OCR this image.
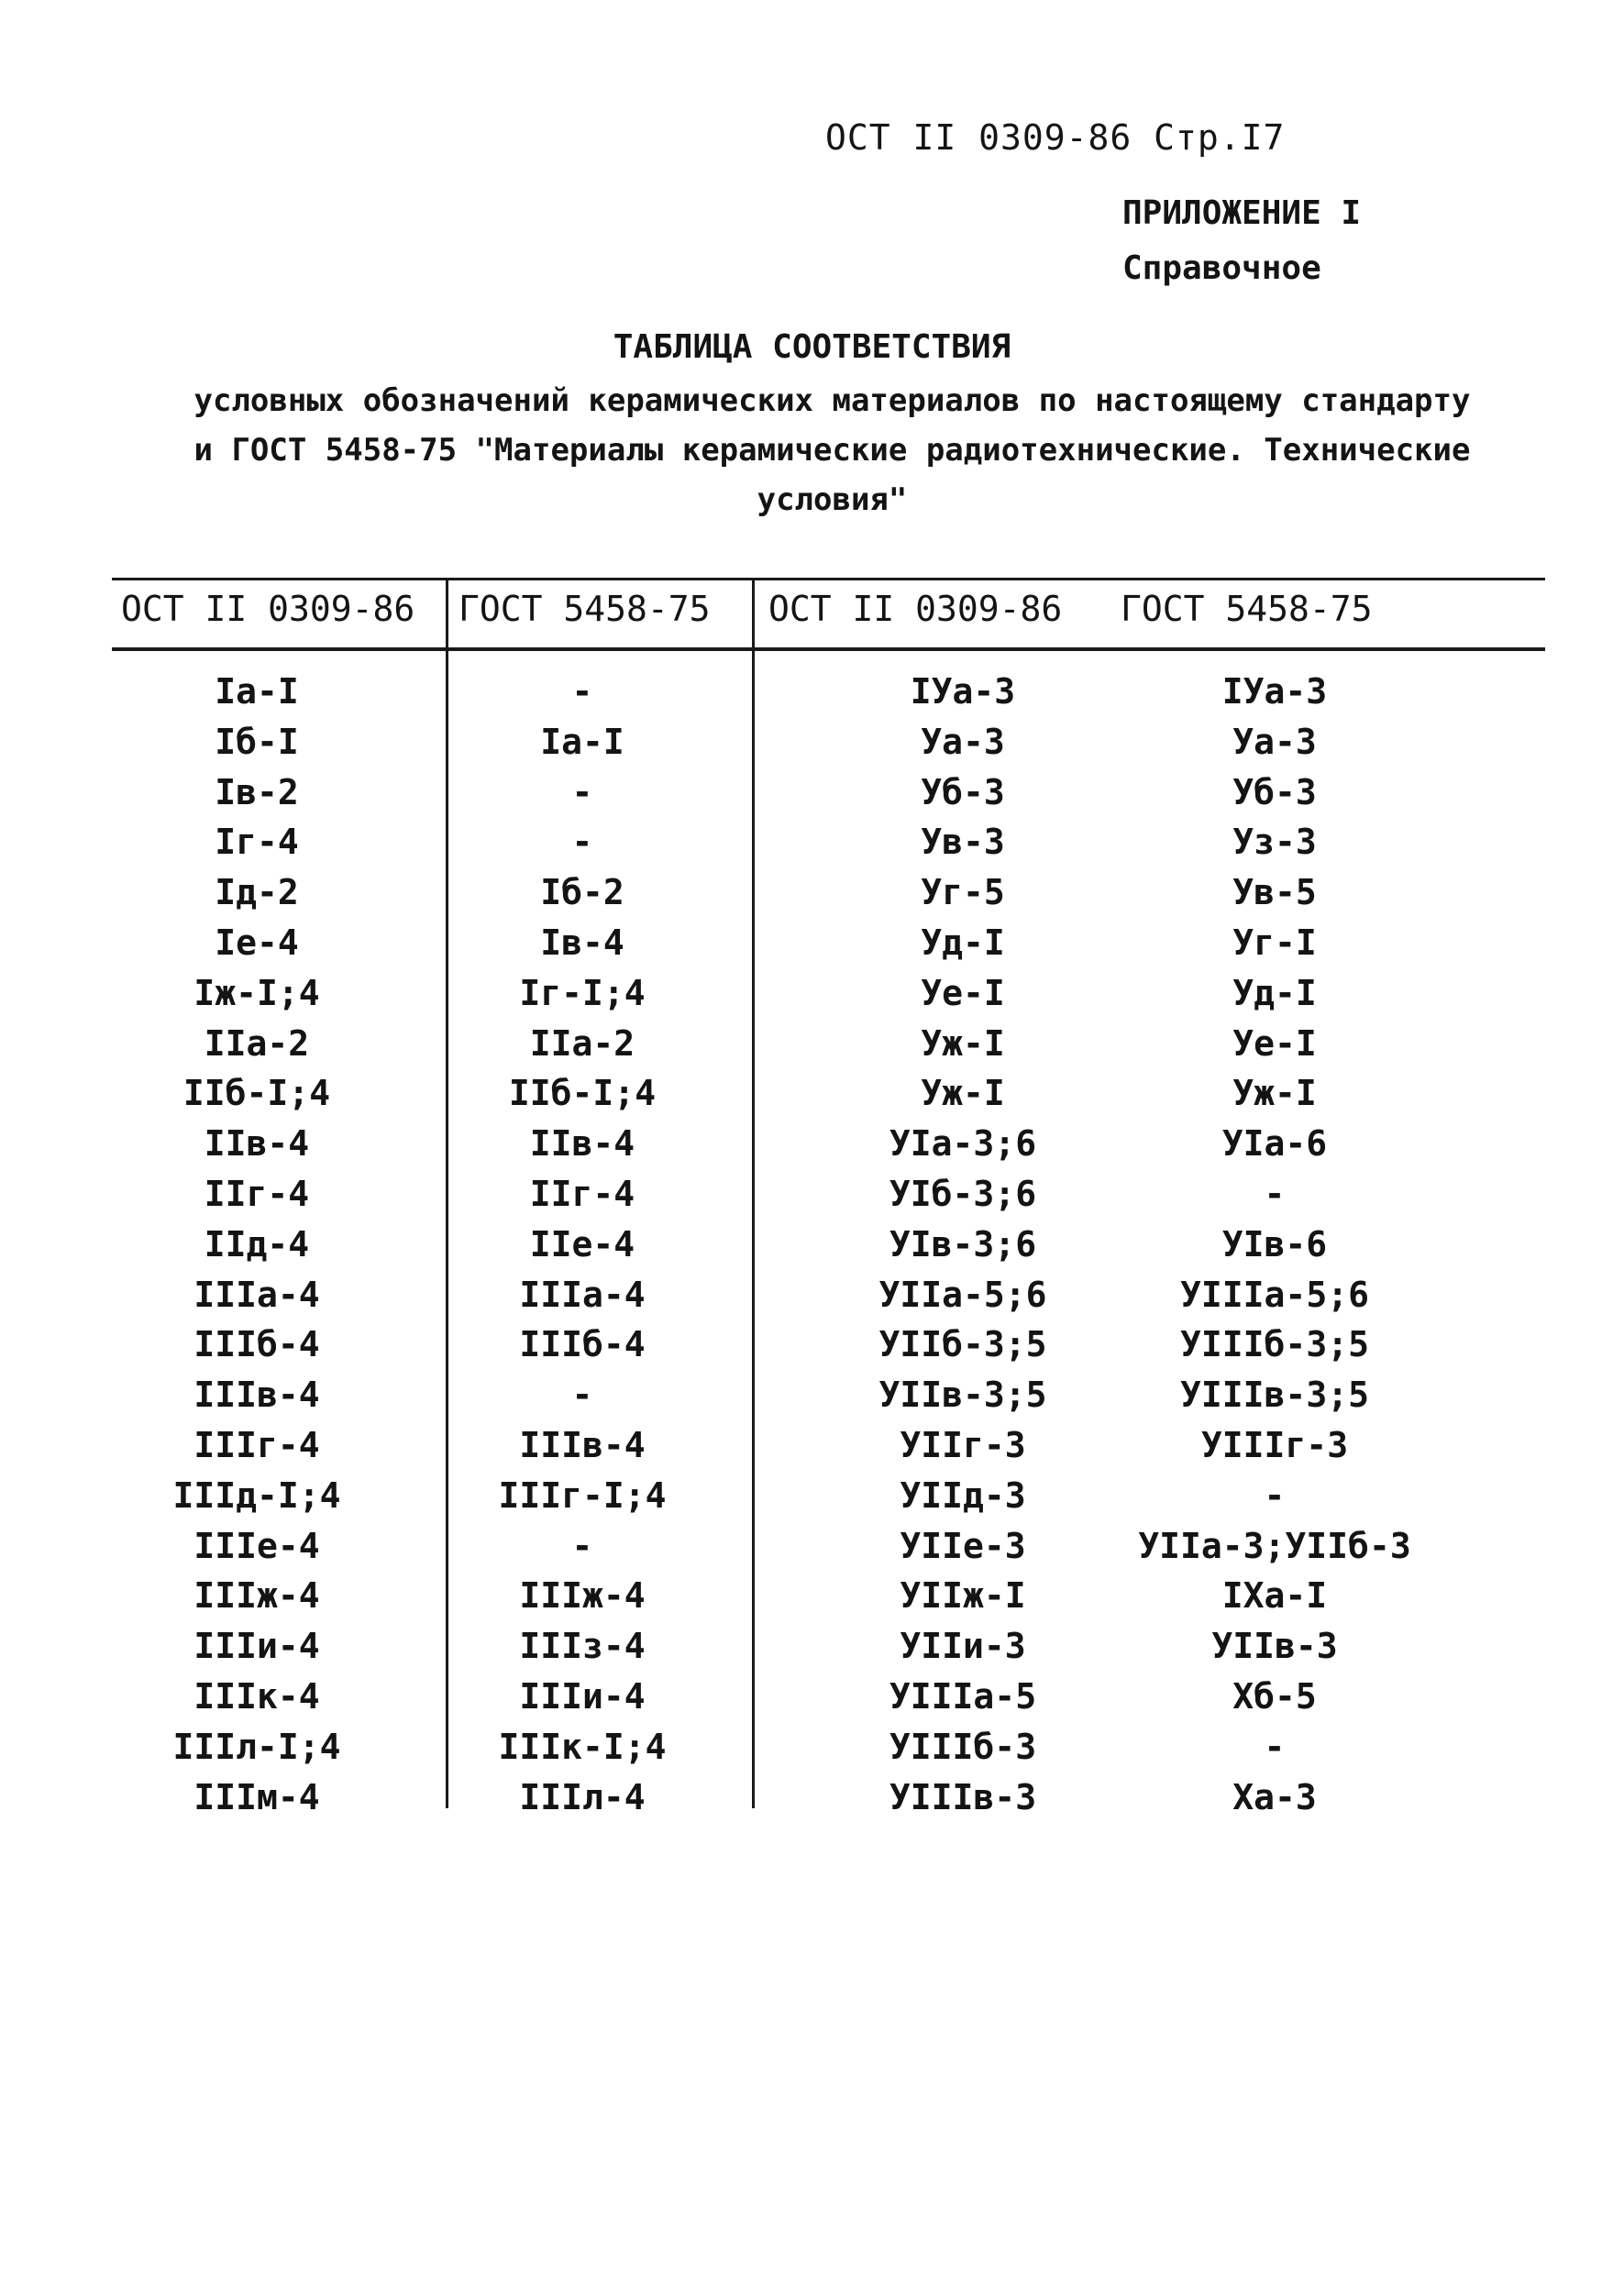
ОСТ II 0309-86 Стр.I7
ПРИЛОЖЕНИЕ I
Справочное
ТАБЛИЦА СООТВЕТСТВИЯ
условных обозначений керамических материалов по настоящему стандарту
и ГОСТ 5458-75 "Материалы керамические радиотехнические. Технические
условия"
ОСТ II 0309-86 ГОСТ 5458-75 ОСТ II 0309-86 ГОСТ 5458-75
Iа-I	-	IУа-3	IУа-3
Iб-I	Iа-I	Уа-3	Уа-3
Iв-2	-	Уб-3	Уб-3
Iг-4	-	Ув-3	Уз-3
Iд-2	Iб-2	Уг-5	Ув-5
Iе-4	Iв-4	Уд-I	Уг-I
Iж-I;4	Iг-I;4	Уе-I	Уд-I
IIа-2	IIа-2	Уж-I	Уе-I
IIб-I;4	IIб-I;4	Уж-I	Уж-I
IIв-4	IIв-4	УIа-3;6	УIа-6
IIг-4	IIг-4	УIб-3;6	-
IIд-4	IIе-4	УIв-3;6	УIв-6
IIIа-4	IIIа-4	УIIа-5;6	УIIIа-5;6
IIIб-4	IIIб-4	УIIб-3;5	УIIIб-3;5
IIIв-4	-	УIIв-3;5	УIIIв-3;5
IIIг-4	IIIв-4	УIIг-3	УIIIг-3
IIIд-I;4	IIIг-I;4	УIIд-3	-
IIIе-4	-	УIIе-3	УIIа-3;УIIб-3
IIIж-4	IIIж-4	УIIж-I	IХа-I
IIIи-4	IIIз-4	УIIи-3	УIIв-3
IIIк-4	IIIи-4	УIIIа-5	Хб-5
IIIл-I;4	IIIк-I;4	УIIIб-3	-
IIIм-4	IIIл-4	УIIIв-3	Ха-3
